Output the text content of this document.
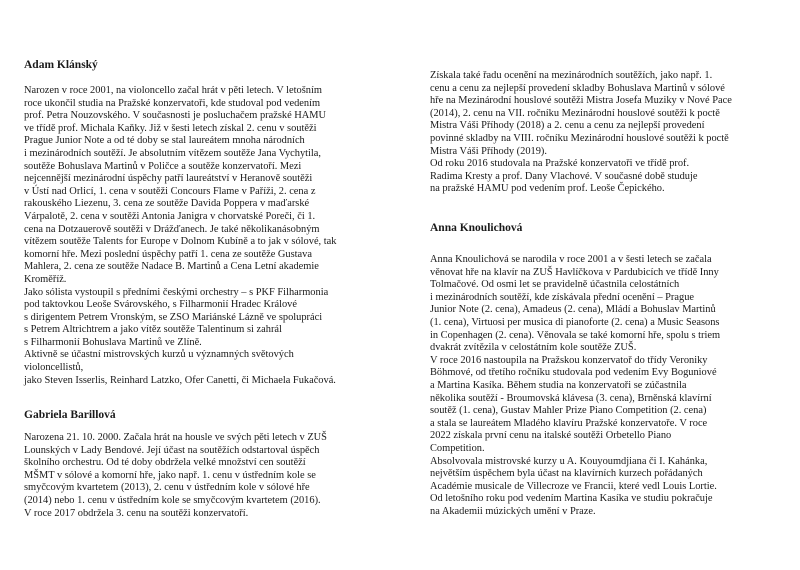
Adam Klánský

Narozen v roce 2001, na violoncello začal hrát v pěti letech. V letošním
roce ukončil studia na Pražské konzervatoři, kde studoval pod vedením
prof. Petra Nouzovského. V současnosti je posluchačem pražské HAMU
ve třídě prof. Michala Kaňky. Již v šesti letech získal 2. cenu v soutěži
Prague Junior Note a od té doby se stal laureátem mnoha národních
i mezinárodních soutěží. Je absolutním vítězem soutěže Jana Vychytila,
soutěže Bohuslava Martinů v Poličce a soutěže konzervatoří. Mezi
nejcennější mezinárodní úspěchy patří laureátství v Heranově soutěži
v Ústí nad Orlicí, 1. cena v soutěži Concours Flame v Paříži, 2. cena z
rakouského Liezenu, 3. cena ze soutěže Davida Poppera v maďarské
Várpalotě, 2. cena v soutěži Antonia Janigra v chorvatské Poreči, či 1.
cena na Dotzauerově soutěži v Drážďanech. Je také několikanásobným
vítězem soutěže Talents for Europe v Dolnom Kubíně a to jak v sólové, tak
komorní hře. Mezi poslední úspěchy patří 1. cena ze soutěže Gustava
Mahlera, 2. cena ze soutěže Nadace B. Martinů a Cena Letní akademie
Kroměříž.
Jako sólista vystoupil s předními českými orchestry – s PKF Filharmonia
pod taktovkou Leoše Svárovského, s Filharmonií Hradec Králové
s dirigentem Petrem Vronským, se ZSO Mariánské Lázně ve spolupráci
s Petrem Altrichtrem a jako vítěz soutěže Talentinum si zahrál
s Filharmonií Bohuslava Martinů ve Zlíně.
Aktivně se účastní mistrovských kurzů u významných světových
violoncellistů,
jako Steven Isserlis, Reinhard Latzko, Ofer Canetti, či Michaela Fukačová.

Gabriela Barillová

Narozena 21. 10. 2000. Začala hrát na housle ve svých pěti letech v ZUŠ
Lounských v Lady Bendové. Její účast na soutěžích odstartoval úspěch
školního orchestru. Od té doby obdržela velké množství cen soutěží
MŠMT v sólové a komorní hře, jako např. 1. cenu v ústředním kole se
smyčcovým kvartetem (2013), 2. cenu v ústředním kole v sólové hře
(2014) nebo 1. cenu v ústředním kole se smyčcovým kvartetem (2016).
V roce 2017 obdržela 3. cenu na soutěži konzervatoří.

Získala také řadu ocenění na mezinárodních soutěžích, jako např. 1.
cenu a cenu za nejlepší provedení skladby Bohuslava Martinů v sólové
hře na Mezinárodní houslové soutěži Mistra Josefa Muziky v Nové Pace
(2014), 2. cenu na VII. ročníku Mezinárodní houslové soutěži k poctě
Mistra Váši Příhody (2018) a 2. cenu a cenu za nejlepší provedení
povinné skladby na VIII. ročníku Mezinárodní houslové soutěži k poctě
Mistra Váši Příhody (2019).
Od roku 2016 studovala na Pražské konzervatoři ve třídě prof.
Radima Kresty a prof. Dany Vlachové. V současné době studuje
na pražské HAMU pod vedením prof. Leoše Čepického.

Anna Knoulichová

Anna Knoulichová se narodila v roce 2001 a v šesti letech se začala
věnovat hře na klavír na ZUŠ Havlíčkova v Pardubicích ve třídě Inny
Tolmačové. Od osmi let se pravidelně účastnila celostátních
i mezinárodních soutěží, kde získávala přední ocenění – Prague
Junior Note (2. cena), Amadeus (2. cena), Mládí a Bohuslav Martinů
(1. cena), Virtuosi per musica di pianoforte (2. cena) a Music Seasons
in Copenhagen (2. cena). Věnovala se také komorní hře, spolu s triem
dvakrát zvítězila v celostátním kole soutěže ZUŠ.
V roce 2016 nastoupila na Pražskou konzervatoř do třídy Veroniky
Böhmové, od třetího ročníku studovala pod vedením Evy Boguniové
a Martina Kasíka. Během studia na konzervatoři se zúčastnila
několika soutěží - Broumovská klávesa (3. cena), Brněnská klavírní
soutěž (1. cena), Gustav Mahler Prize Piano Competition (2. cena)
a stala se laureátem Mladého klavíru Pražské konzervatoře. V roce
2022 získala první cenu na italské soutěži Orbetello Piano
Competition.
Absolvovala mistrovské kurzy u A. Kouyoumdjiana či I. Kahánka,
největším úspěchem byla účast na klavírních kurzech pořádaných
Académie musicale de Villecroze ve Francii, které vedl Louis Lortie.
Od letošního roku pod vedením Martina Kasíka ve studiu pokračuje
na Akademii múzických umění v Praze.
